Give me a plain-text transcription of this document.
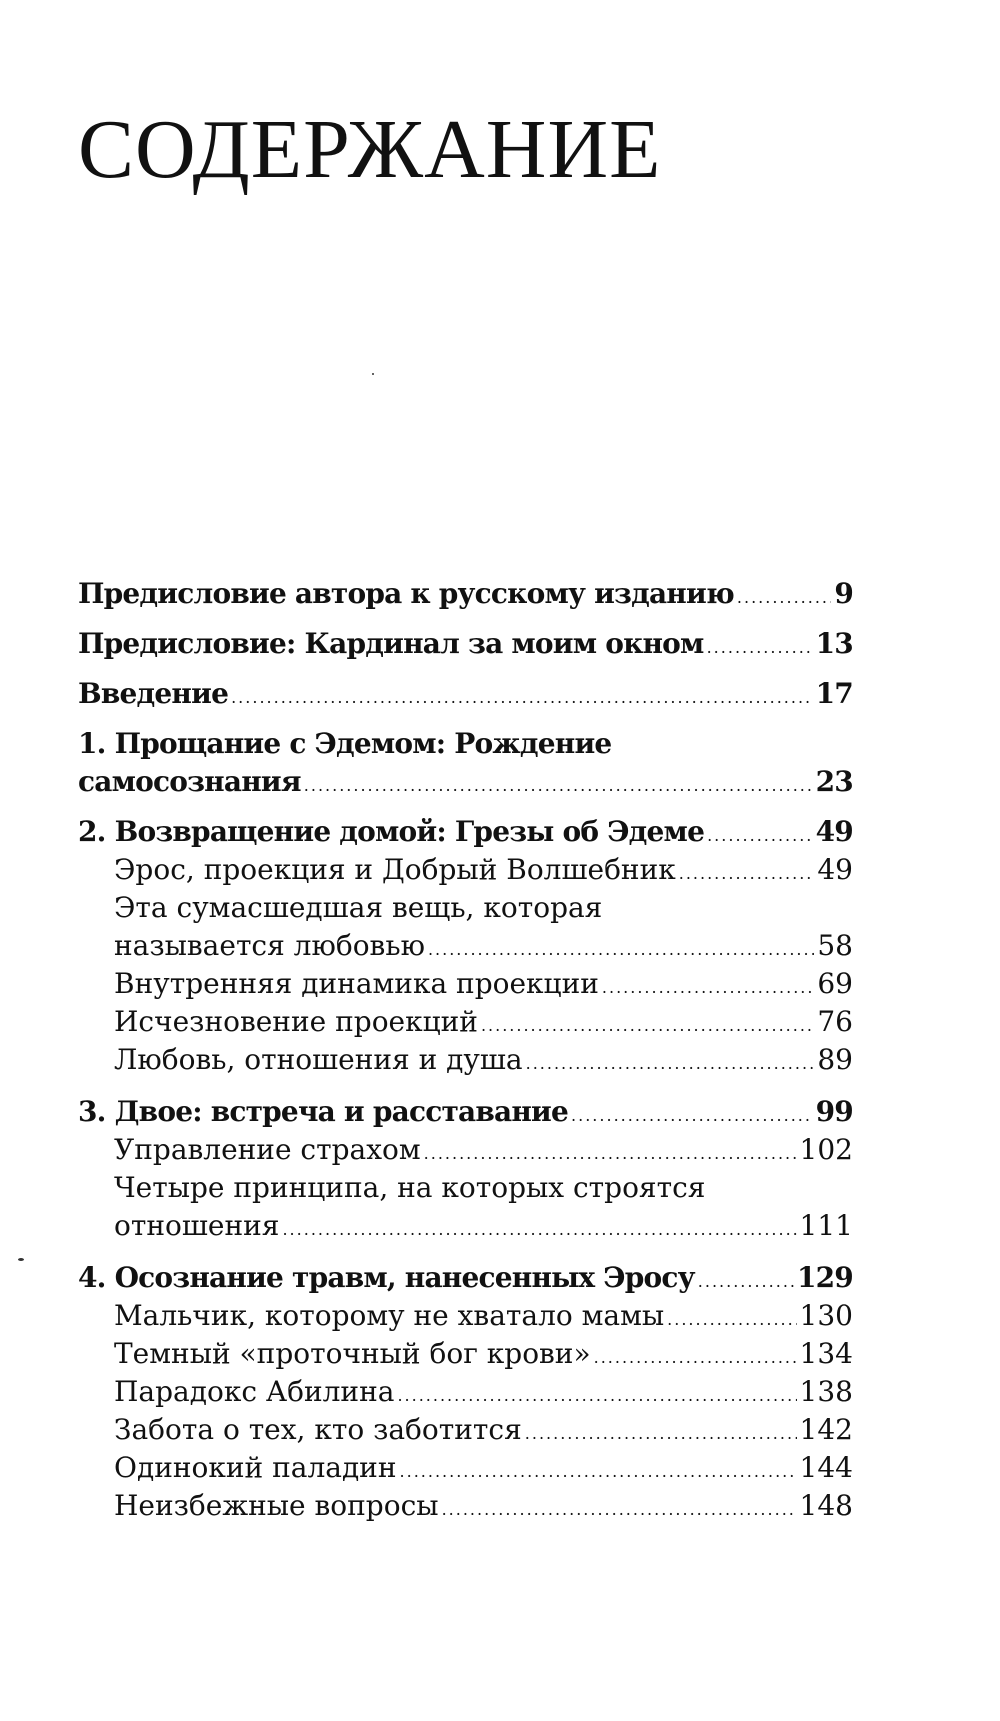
СОДЕРЖАНИЕ
Предисловие автора к русскому изданию .....	9
Предисловие: Кардинал за моим окном .....	13
Введение .....	17
1. Прощание с Эдемом: Рождение
самосознания .....	23
2. Возвращение домой: Грезы об Эдеме .....	49
Эрос, проекция и Добрый Волшебник .....	49
Эта сумасшедшая вещь, которая
называется любовью .....	58
Внутренняя динамика проекции .....	69
Исчезновение проекций .....	76
Любовь, отношения и душа .....	89
3. Двое: встреча и расставание .....	99
Управление страхом .....	102
Четыре принципа, на которых строятся
отношения .....	111
4. Осознание травм, нанесенных Эросу .....	129
Мальчик, которому не хватало мамы .....	130
Темный «проточный бог крови» .....	134
Парадокс Абилина .....	138
Забота о тех, кто заботится .....	142
Одинокий паладин .....	144
Неизбежные вопросы .....	148
